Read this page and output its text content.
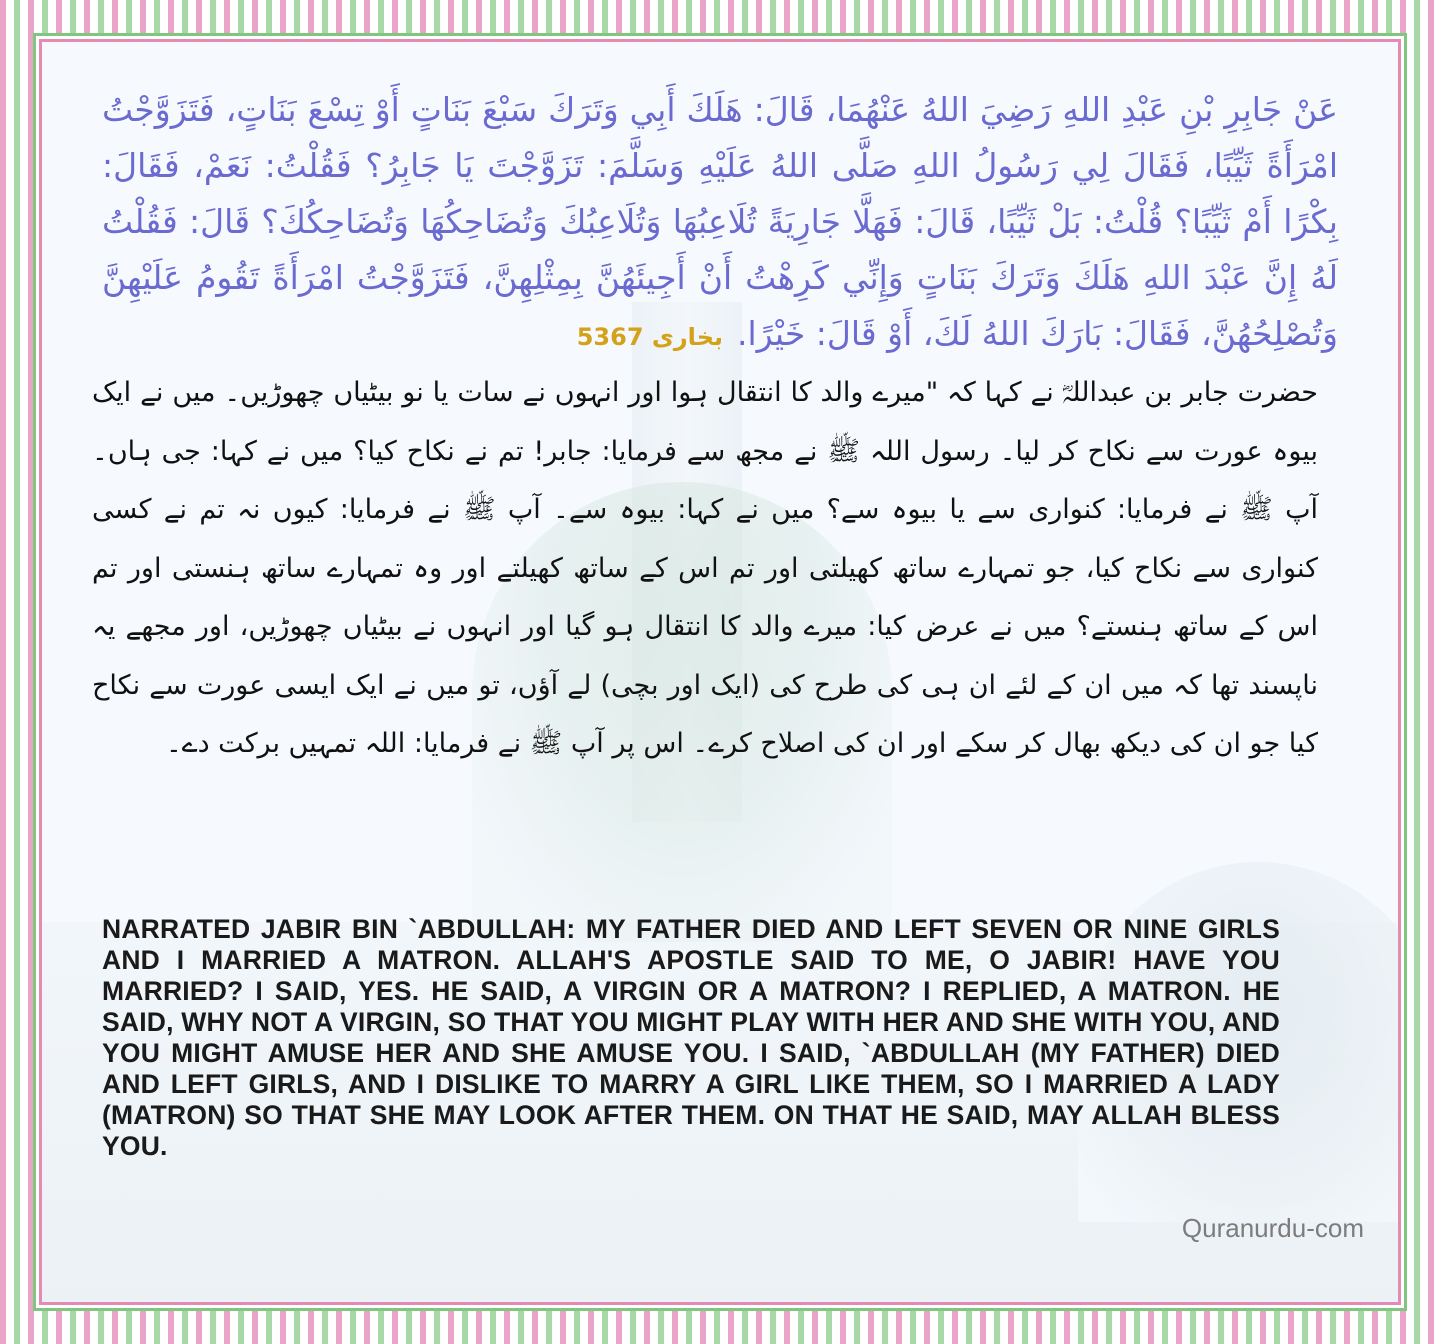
عَنْ جَابِرِ بْنِ عَبْدِ اللهِ رَضِيَ اللهُ عَنْهُمَا، قَالَ: هَلَكَ أَبِي وَتَرَكَ سَبْعَ بَنَاتٍ أَوْ تِسْعَ بَنَاتٍ، فَتَزَوَّجْتُ امْرَأَةً ثَيِّبًا، فَقَالَ لِي رَسُولُ اللهِ صَلَّى اللهُ عَلَيْهِ وَسَلَّمَ: تَزَوَّجْتَ يَا جَابِرُ؟ فَقُلْتُ: نَعَمْ، فَقَالَ: بِكْرًا أَمْ ثَيِّبًا؟ قُلْتُ: بَلْ ثَيِّبًا، قَالَ: فَهَلَّا جَارِيَةً تُلَاعِبُهَا وَتُلَاعِبُكَ وَتُضَاحِكُهَا وَتُضَاحِكُكَ؟ قَالَ: فَقُلْتُ لَهُ إِنَّ عَبْدَ اللهِ هَلَكَ وَتَرَكَ بَنَاتٍ وَإِنِّي كَرِهْتُ أَنْ أَجِيئَهُنَّ بِمِثْلِهِنَّ، فَتَزَوَّجْتُ امْرَأَةً تَقُومُ عَلَيْهِنَّ وَتُصْلِحُهُنَّ، فَقَالَ: بَارَكَ اللهُ لَكَ، أَوْ قَالَ: خَيْرًا.بخاری 5367
حضرت جابر بن عبداللہؓ نے کہا کہ "میرے والد کا انتقال ہوا اور انہوں نے سات یا نو بیٹیاں چھوڑیں۔ میں نے ایک بیوہ عورت سے نکاح کر لیا۔ رسول اللہ ﷺ نے مجھ سے فرمایا: جابر! تم نے نکاح کیا؟ میں نے کہا: جی ہاں۔ آپ ﷺ نے فرمایا: کنواری سے یا بیوہ سے؟ میں نے کہا: بیوہ سے۔ آپ ﷺ نے فرمایا: کیوں نہ تم نے کسی کنواری سے نکاح کیا، جو تمہارے ساتھ کھیلتی اور تم اس کے ساتھ کھیلتے اور وہ تمہارے ساتھ ہنستی اور تم اس کے ساتھ ہنستے؟ میں نے عرض کیا: میرے والد کا انتقال ہو گیا اور انہوں نے بیٹیاں چھوڑیں، اور مجھے یہ ناپسند تھا کہ میں ان کے لئے ان ہی کی طرح کی (ایک اور بچی) لے آؤں، تو میں نے ایک ایسی عورت سے نکاح کیا جو ان کی دیکھ بھال کر سکے اور ان کی اصلاح کرے۔ اس پر آپ ﷺ نے فرمایا: اللہ تمہیں برکت دے۔
NARRATED JABIR BIN `ABDULLAH: MY FATHER DIED AND LEFT SEVEN OR NINE GIRLS AND I MARRIED A MATRON. ALLAH'S APOSTLE SAID TO ME, O JABIR! HAVE YOU MARRIED? I SAID, YES. HE SAID, A VIRGIN OR A MATRON? I REPLIED, A MATRON. HE SAID, WHY NOT A VIRGIN, SO THAT YOU MIGHT PLAY WITH HER AND SHE WITH YOU, AND YOU MIGHT AMUSE HER AND SHE AMUSE YOU. I SAID, `ABDULLAH (MY FATHER) DIED AND LEFT GIRLS, AND I DISLIKE TO MARRY A GIRL LIKE THEM, SO I MARRIED A LADY (MATRON) SO THAT SHE MAY LOOK AFTER THEM. ON THAT HE SAID, MAY ALLAH BLESS YOU.
Quranurdu-com
